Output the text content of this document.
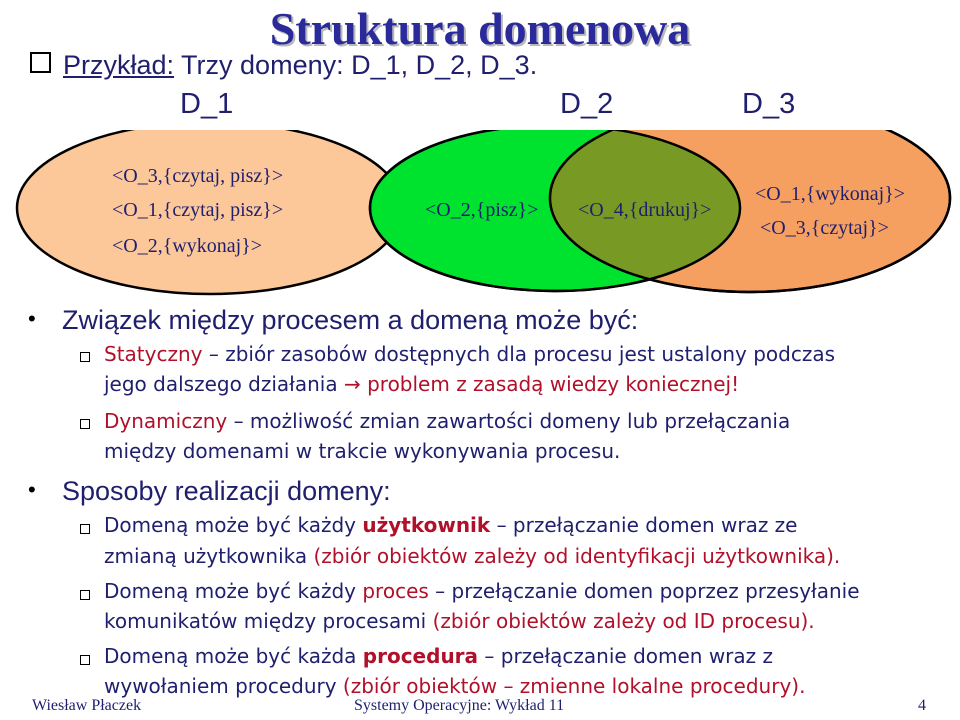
Struktura domenowa
Przykład: Trzy domeny: D_1, D_2, D_3.
D_1	D_2	D_3
<O_3,{czytaj, pisz}>
<O_1,{czytaj, pisz}>
<O_2,{wykonaj}>
<O_2,{pisz}> <O_4,{drukuj}>
<O_1,{wykonaj}>
<O_3,{czytaj}>
• Związek między procesem a domeną może być:
Statyczny – zbiór zasobów dostępnych dla procesu jest ustalony podczas
jego dalszego działania → problem z zasadą wiedzy koniecznej!
Dynamiczny – możliwość zmian zawartości domeny lub przełączania
między domenami w trakcie wykonywania procesu.
• Sposoby realizacji domeny:
Domeną może być każdy użytkownik – przełączanie domen wraz ze
zmianą użytkownika (zbiór obiektów zależy od identyfikacji użytkownika).
Domeną może być każdy proces – przełączanie domen poprzez przesyłanie
komunikatów między procesami (zbiór obiektów zależy od ID procesu).
Domeną może być każda procedura – przełączanie domen wraz z
wywołaniem procedury (zbiór obiektów – zmienne lokalne procedury).
Wiesław Płaczek	Systemy Operacyjne: Wykład 11	4
